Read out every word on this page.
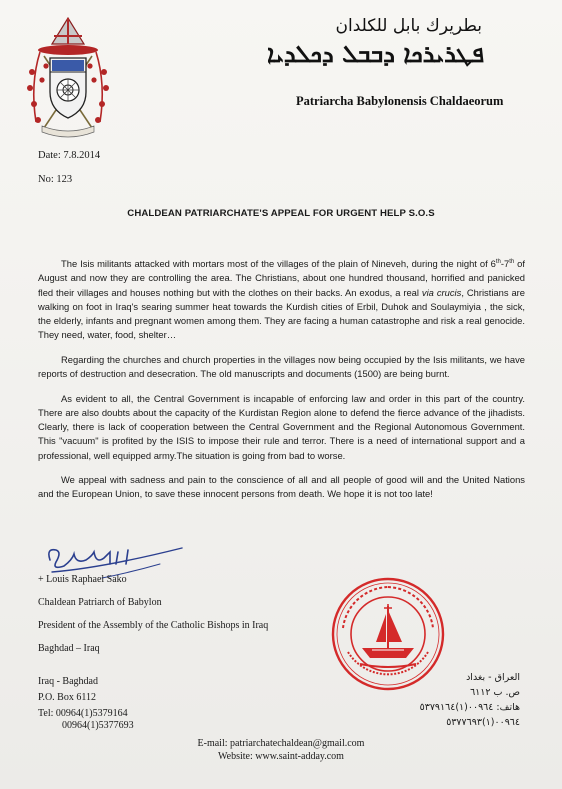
بطريرك بابل للكلدان
ܦܛܪܝܪܟܐ ܕܒܒܠ ܕܟܠܕܝܐ
Patriarcha Babylonensis Chaldaeorum
Date: 7.8.2014
No: 123
CHALDEAN PATRIARCHATE'S APPEAL FOR URGENT HELP S.O.S

The Isis militants attacked with mortars most of the villages of the plain of Nineveh, during the night of 6th-7th of August and now they are controlling the area. The Christians, about one hundred thousand, horrified and panicked fled their villages and houses nothing but with the clothes on their backs. An exodus, a real via crucis, Christians are walking on foot in Iraq's searing summer heat towards the Kurdish cities of Erbil, Duhok and Soulaymiyia , the sick, the elderly, infants and pregnant women among them. They are facing a human catastrophe and risk a real genocide. They need, water, food, shelter…

Regarding the churches and church properties in the villages now being occupied by the Isis militants, we have reports of destruction and desecration. The old manuscripts and documents (1500) are being burnt.

As evident to all, the Central Government is incapable of enforcing law and order in this part of the country. There are also doubts about the capacity of the Kurdistan Region alone to defend the fierce advance of the jihadists. Clearly, there is lack of cooperation between the Central Government and the Regional Autonomous Government. This "vacuum" is profited by the ISIS to impose their rule and terror. There is a need of international support and a professional, well equipped army.The situation is going from bad to worse.

We appeal with sadness and pain to the conscience of all and all people of good will and the United Nations and the European Union, to save these innocent persons from death. We hope it is not too late!

+ Louis Raphael Sako
Chaldean Patriarch of Babylon
President of the Assembly of the Catholic Bishops in Iraq
Baghdad – Iraq
Iraq - Baghdad
P.O. Box 6112
Tel: 00964(1)5379164
00964(1)5377693
العراق - بغداد
ص. ب ٦١١٢
هاتف: ٠٠٩٦٤(١)٥٣٧٩١٦٤
٠٠٩٦٤(١)٥٣٧٧٦٩٣
E-mail: patriarchatechaldean@gmail.com
Website: www.saint-adday.com
